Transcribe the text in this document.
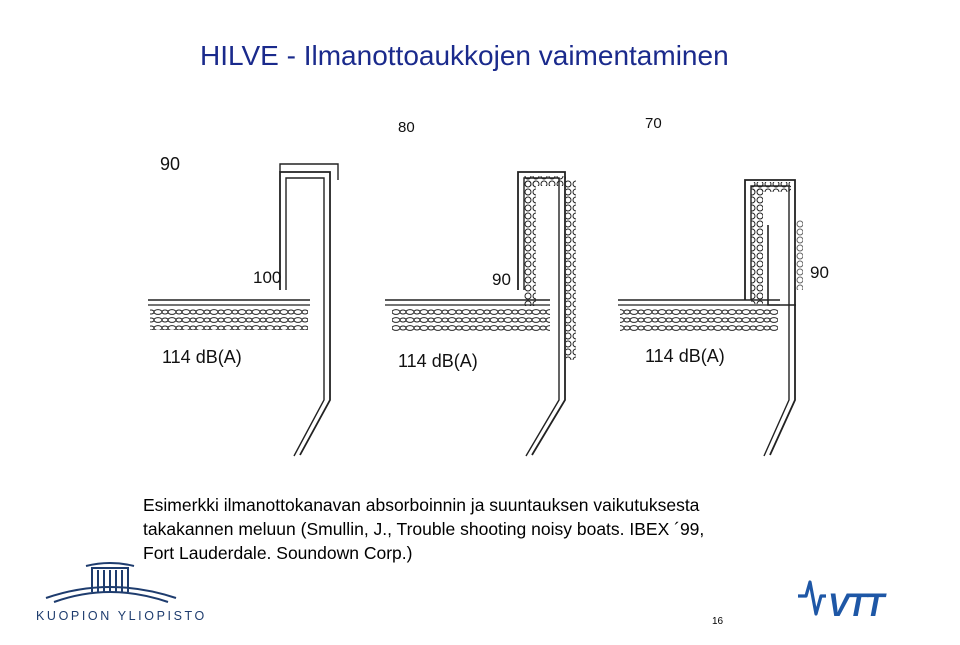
HILVE - Ilmanottoaukkojen vaimentaminen
80	70
90
100	90	90
114 dB(A)	114 dB(A)	114 dB(A)
Esimerkki ilmanottokanavan absorboinnin ja suuntauksen vaikutuksesta
takakannen meluun (Smullin, J., Trouble shooting noisy boats. IBEX ´99,
Fort Lauderdale. Soundown Corp.)
KUOPION YLIOPISTO	VTT
16
